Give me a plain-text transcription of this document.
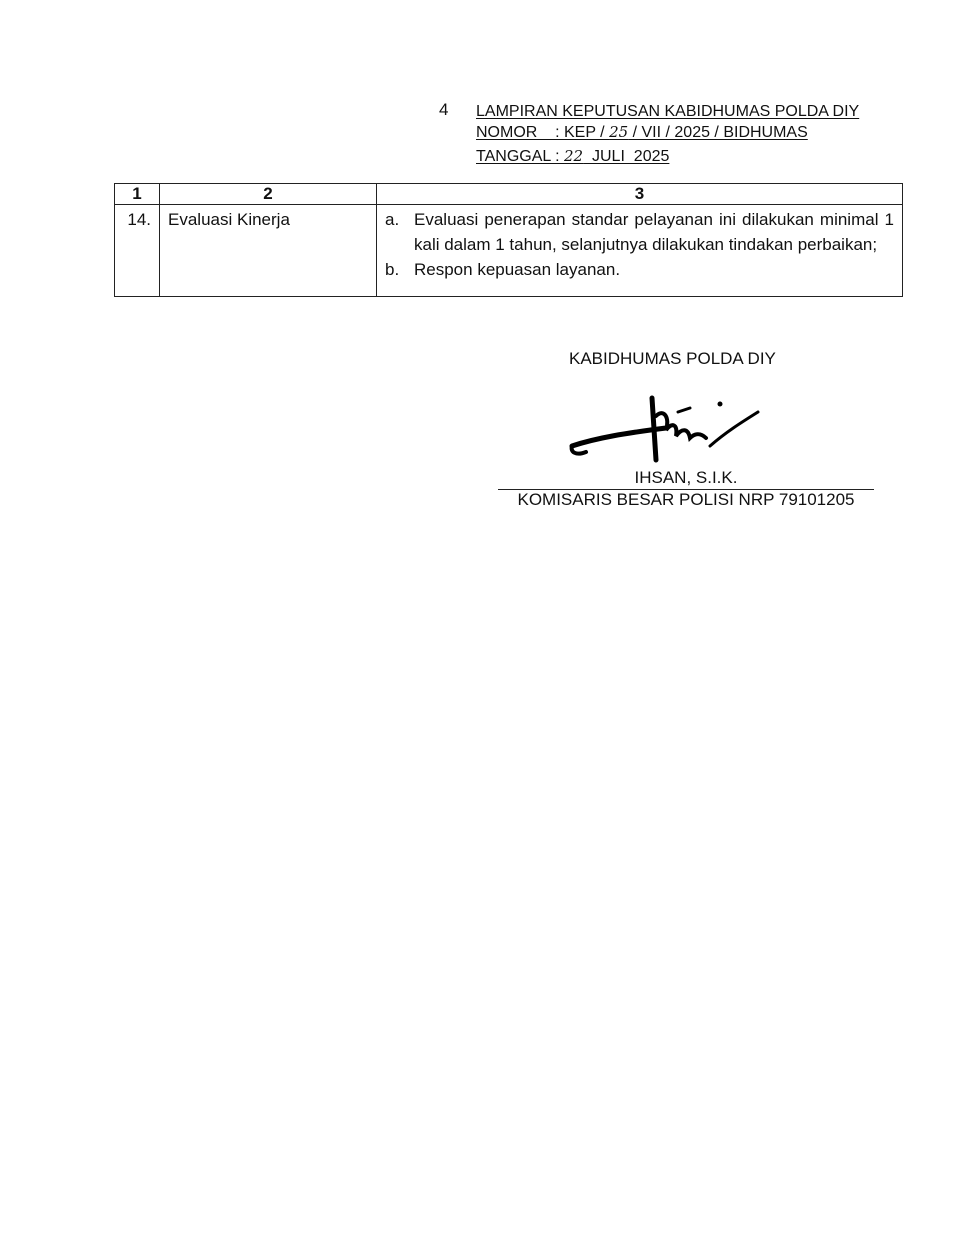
4 LAMPIRAN KEPUTUSAN KABIDHUMAS POLDA DIY
NOMOR    : KEP / 25 / VII / 2025 / BIDHUMAS
TANGGAL : 22  JULI  2025
1	2	3
14.	Evaluasi Kinerja	a. Evaluasi penerapan standar pelayanan ini dilakukan minimal 1 kali dalam 1 tahun, selanjutnya dilakukan tindakan perbaikan;
b. Respon kepuasan layanan.
KABIDHUMAS POLDA DIY
IHSAN, S.I.K.
KOMISARIS BESAR POLISI NRP 79101205
